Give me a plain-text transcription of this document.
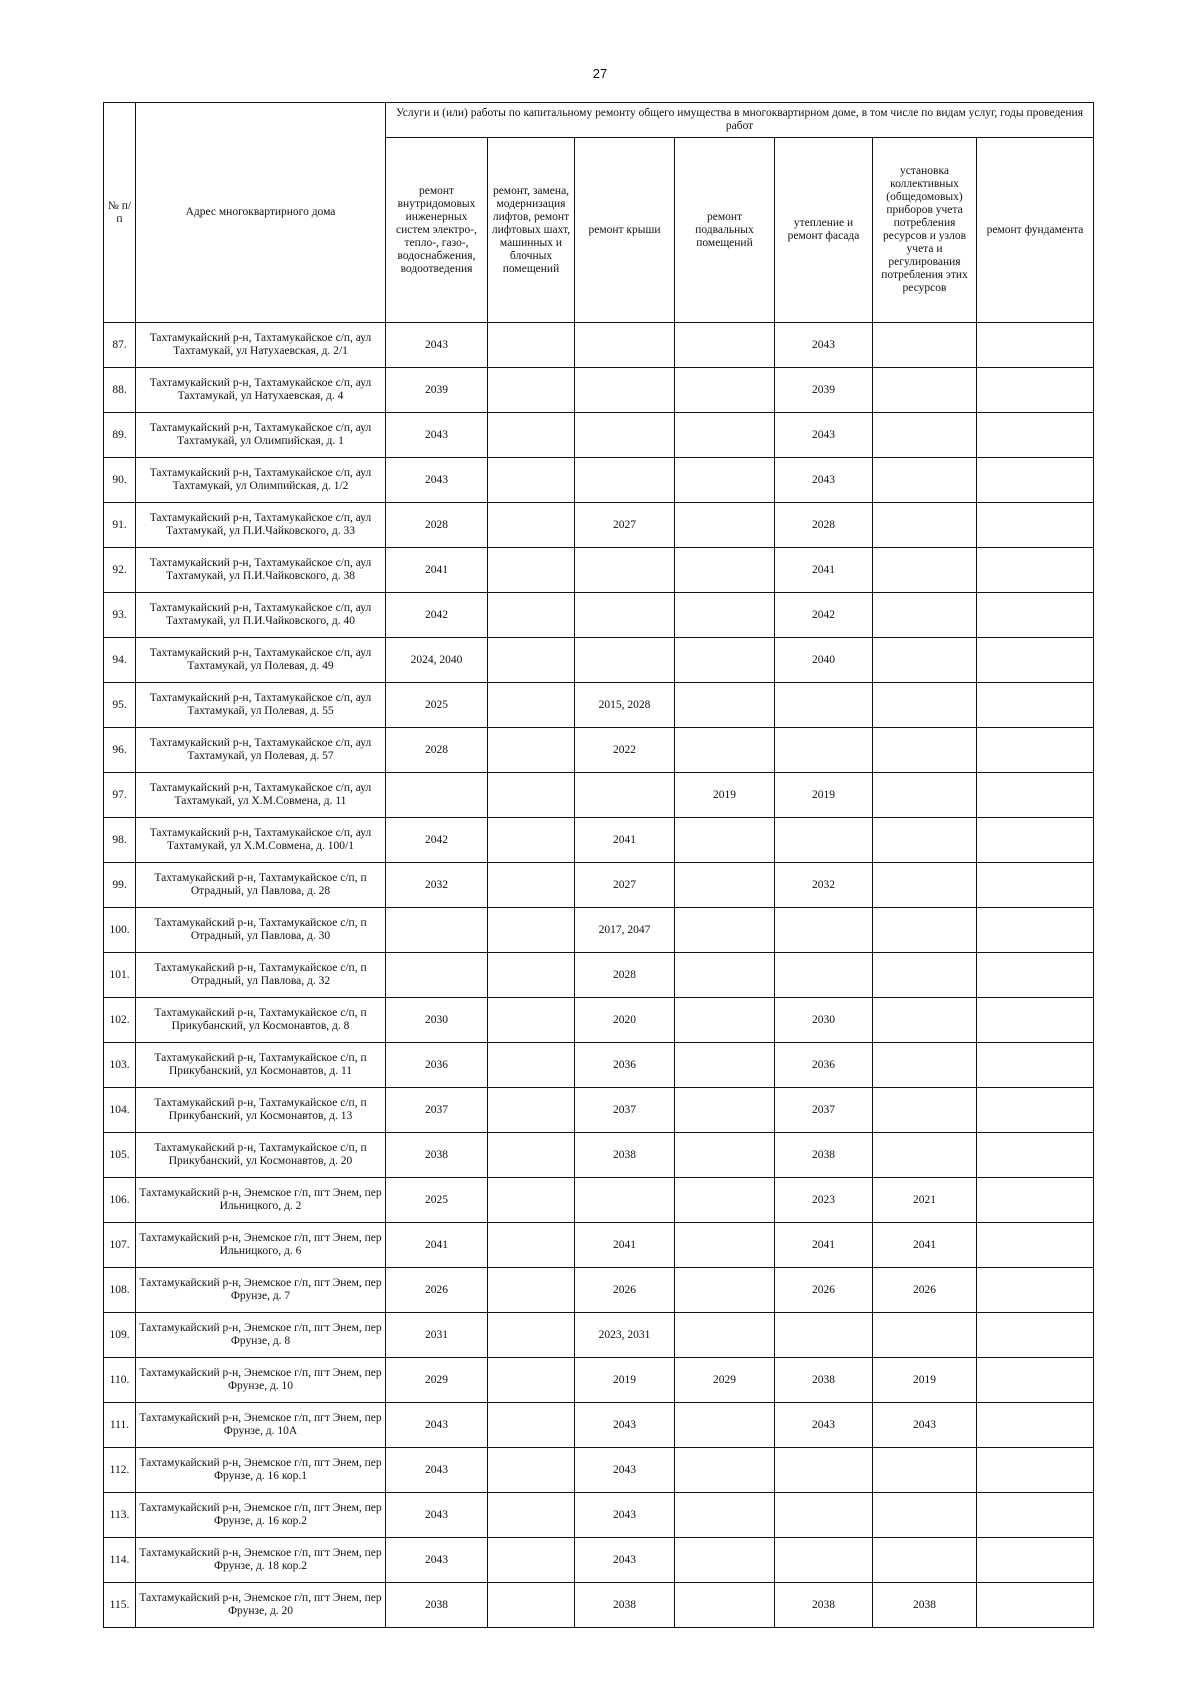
27
№ п/п	Адрес многоквартирного дома	Услуги и (или) работы по капитальному ремонту общего имущества в многоквартирном доме, в том числе по видам услуг, годы проведения работ						
		ремонт внутридомовых инженерных систем электро-, тепло-, газо-, водоснабжения, водоотведения	ремонт, замена, модернизация лифтов, ремонт лифтовых шахт, машинных и блочных помещений	ремонт крыши	ремонт подвальных помещений	утепление и ремонт фасада	установка коллективных (общедомовых) приборов учета потребления ресурсов и узлов учета и регулирования потребления этих ресурсов	ремонт фундамента
87.	Тахтамукайский р-н, Тахтамукайское с/п, аул Тахтамукай, ул Натухаевская, д. 2/1	2043				2043		
88.	Тахтамукайский р-н, Тахтамукайское с/п, аул Тахтамукай, ул Натухаевская, д. 4	2039				2039		
89.	Тахтамукайский р-н, Тахтамукайское с/п, аул Тахтамукай, ул Олимпийская, д. 1	2043				2043		
90.	Тахтамукайский р-н, Тахтамукайское с/п, аул Тахтамукай, ул Олимпийская, д. 1/2	2043				2043		
91.	Тахтамукайский р-н, Тахтамукайское с/п, аул Тахтамукай, ул П.И.Чайковского, д. 33	2028		2027		2028		
92.	Тахтамукайский р-н, Тахтамукайское с/п, аул Тахтамукай, ул П.И.Чайковского, д. 38	2041				2041		
93.	Тахтамукайский р-н, Тахтамукайское с/п, аул Тахтамукай, ул П.И.Чайковского, д. 40	2042				2042		
94.	Тахтамукайский р-н, Тахтамукайское с/п, аул Тахтамукай, ул Полевая, д. 49	2024, 2040				2040		
95.	Тахтамукайский р-н, Тахтамукайское с/п, аул Тахтамукай, ул Полевая, д. 55	2025		2015, 2028				
96.	Тахтамукайский р-н, Тахтамукайское с/п, аул Тахтамукай, ул Полевая, д. 57	2028		2022				
97.	Тахтамукайский р-н, Тахтамукайское с/п, аул Тахтамукай, ул Х.М.Совмена, д. 11				2019	2019		
98.	Тахтамукайский р-н, Тахтамукайское с/п, аул Тахтамукай, ул Х.М.Совмена, д. 100/1	2042		2041				
99.	Тахтамукайский р-н, Тахтамукайское с/п, п Отрадный, ул Павлова, д. 28	2032		2027		2032		
100.	Тахтамукайский р-н, Тахтамукайское с/п, п Отрадный, ул Павлова, д. 30			2017, 2047				
101.	Тахтамукайский р-н, Тахтамукайское с/п, п Отрадный, ул Павлова, д. 32			2028				
102.	Тахтамукайский р-н, Тахтамукайское с/п, п Прикубанский, ул Космонавтов, д. 8	2030		2020		2030		
103.	Тахтамукайский р-н, Тахтамукайское с/п, п Прикубанский, ул Космонавтов, д. 11	2036		2036		2036		
104.	Тахтамукайский р-н, Тахтамукайское с/п, п Прикубанский, ул Космонавтов, д. 13	2037		2037		2037		
105.	Тахтамукайский р-н, Тахтамукайское с/п, п Прикубанский, ул Космонавтов, д. 20	2038		2038		2038		
106.	Тахтамукайский р-н, Энемское г/п, пгт Энем, пер Ильницкого, д. 2	2025				2023	2021	
107.	Тахтамукайский р-н, Энемское г/п, пгт Энем, пер Ильницкого, д. 6	2041		2041		2041	2041	
108.	Тахтамукайский р-н, Энемское г/п, пгт Энем, пер Фрунзе, д. 7	2026		2026		2026	2026	
109.	Тахтамукайский р-н, Энемское г/п, пгт Энем, пер Фрунзе, д. 8	2031		2023, 2031				
110.	Тахтамукайский р-н, Энемское г/п, пгт Энем, пер Фрунзе, д. 10	2029		2019	2029	2038	2019	
111.	Тахтамукайский р-н, Энемское г/п, пгт Энем, пер Фрунзе, д. 10А	2043		2043		2043	2043	
112.	Тахтамукайский р-н, Энемское г/п, пгт Энем, пер Фрунзе, д. 16 кор.1	2043		2043				
113.	Тахтамукайский р-н, Энемское г/п, пгт Энем, пер Фрунзе, д. 16 кор.2	2043		2043				
114.	Тахтамукайский р-н, Энемское г/п, пгт Энем, пер Фрунзе, д. 18 кор.2	2043		2043				
115.	Тахтамукайский р-н, Энемское г/п, пгт Энем, пер Фрунзе, д. 20	2038		2038		2038	2038	
